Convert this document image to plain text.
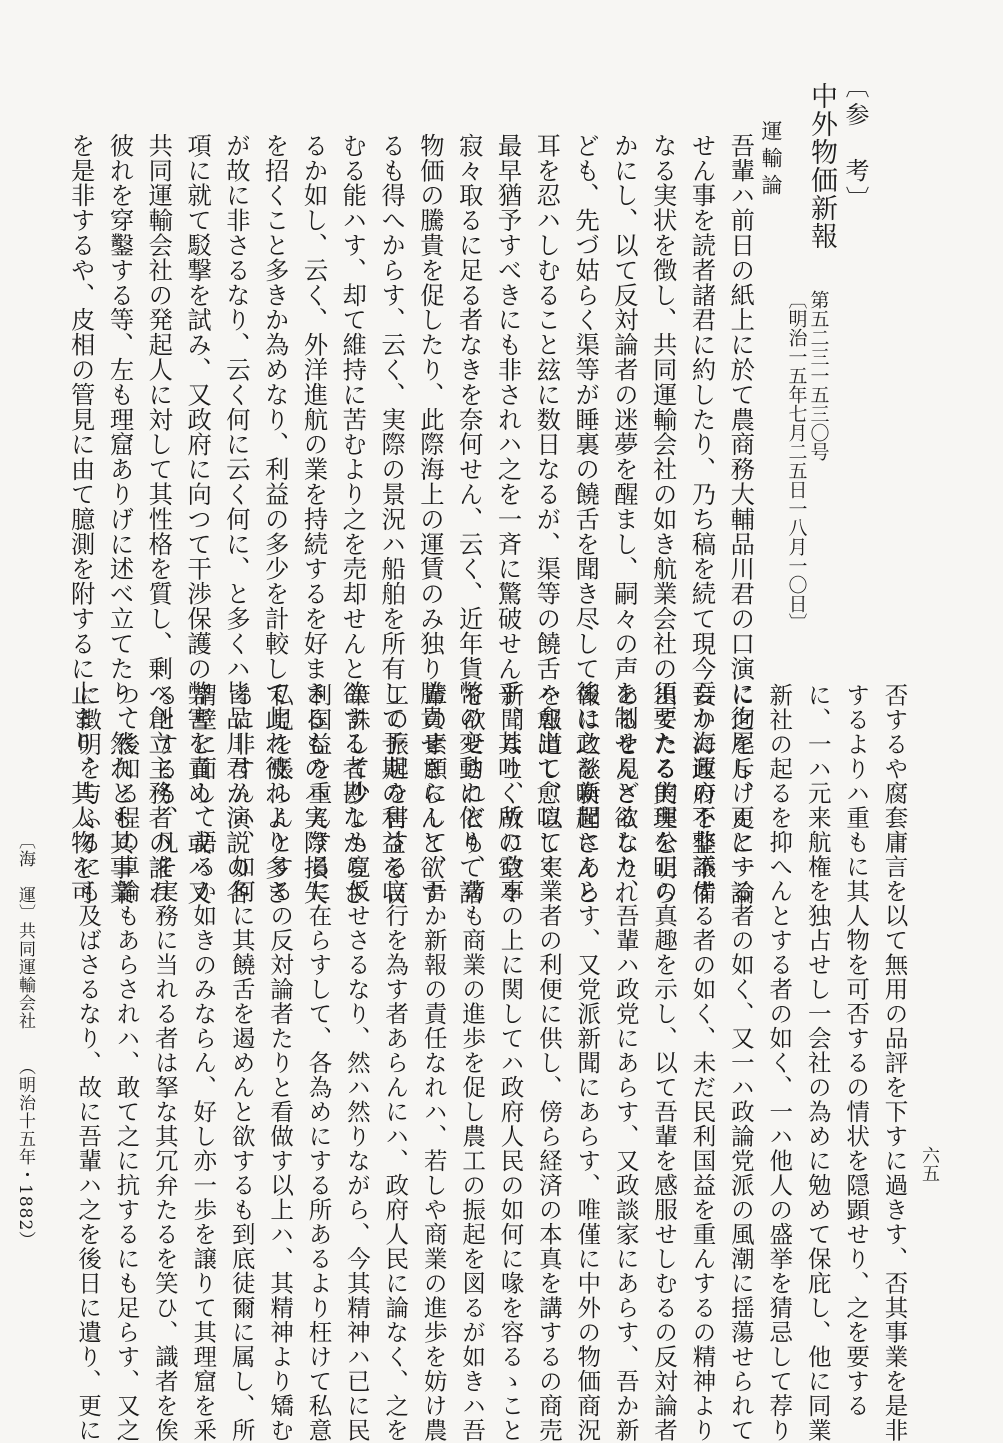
〔参　考〕
中外物価新報
第五二三一五三〇号
〔明治一五年七月二五日一八月一〇日〕
運輸論
吾輩ハ前日の紙上に於て農商務大輔品川君の口演に徇尾し、更に一論
せん事を読者諸君に約したり、乃ち稿を続て現今吾か海運の不整不備
なる実状を徴し、共同運輸会社の如き航業会社の須要たる実理を明ら
かにし、以て反対論者の迷夢を醒まし、嗣々の声を制せんと欲したれ
ども、先づ姑らく渠等が睡裏の饒舌を聞き尽して後に之を喚起さんと
耳を忍ハしむること玆に数日なるが、渠等の饒舌ハ愈出て愈喧しく
最早猶予すべきにも非されハ之を一斉に驚破せん乎、其吐く所の空々
寂々取るに足る者なきを奈何せん、云く、近年貨幣の変動に依りて諸
物価の騰貴を促したり、此際海上の運賃のみ独り騰貴せさらんと欲す
るも得へからす、云く、実際の景況ハ船舶を所有して予期の利益を収
むる能ハす、却て維持に苦むより之を売却せんと欲する者尠なからざ
るか如し、云く、外洋進航の業を持続するを好まさるものハ実際損失
を招くこと多きか為めなり、利益の多少を計較して此れ彼れより多き
が故に非さるなり、云く何に云く何に、と多くハ皆品川君か演説の各
項に就て駁撃を試み、又政府に向つて干渉保護の弊害を責め、或ハ又
共同運輸会社の発起人に対して其性格を質し、剰へ創立主務者の誰れ
彼れを穿鑿する等、左も理窟ありげに述べ立てたり、然れとも其事業
を是非するや、皮相の管見に由て臆測を附するに止まり、其人物を可
否するや腐套庸言を以て無用の品評を下すに過きす、否其事業を是非
するよりハ重もに其人物を可否するの情状を隠顕せり、之を要する
に、一ハ元来航権を独占せし一会社の為めに勉めて保庇し、他に同業
新社の起るを抑へんとする者の如く、一ハ他人の盛挙を猜忌して荐り
に之を斥けんとする者の如く、又一ハ政論党派の風潮に揺蕩せられて
妄りに政府を非議する者の如く、未だ民利国益を重んするの精神より
出てたる的実公正の真趣を示し、以て吾輩を感服せしむるの反対論者
あるを見ざるなり、吾輩ハ政党にあらす、又政談家にあらす、吾か新
報は政談新聞にあらす、又党派新聞にあらす、唯僅に中外の物価商況
を報道し、以て実業者の利便に供し、傍ら経済の本真を講するの商売
新聞なり、故に政事の上に関してハ政府人民の如何に喙を容るゝこと
を欲せされども、苟も商業の進歩を促し農工の振起を図るが如きハ吾
輩の素願にして、吾か新報の責任なれハ、若しや商業の進歩を妨け農
工の振起を害する言行を為す者あらんにハ、政府人民に論なく、之を
筆誅して少しも寛仮せさるなり、然ハ然りながら、今其精神ハ已に民
利国益を重んするに在らすして、各為めにする所あるより枉けて私意
私見を張らんとするの反対論者たりと看做す以上ハ、其精神より矯む
るに非すんハ、如何に其饒舌を遏めんと欲するも到底徒爾に属し、所
謂壁に面して語るか如きのみならん、好し亦一歩を譲りて其理窟を釆
るとするも、凡そ実務に当れる者は拏な其冗弁たるを笑ひ、識者を俟
つて後知る程の卓論もあらされハ、敢て之に抗するにも足らす、又之
に徴明を与ふるにも及ばさるなり、故に吾輩ハ之を後日に遺り、更に
〔海　運〕
共同運輸会社
（明治十五年・1882）	六五
